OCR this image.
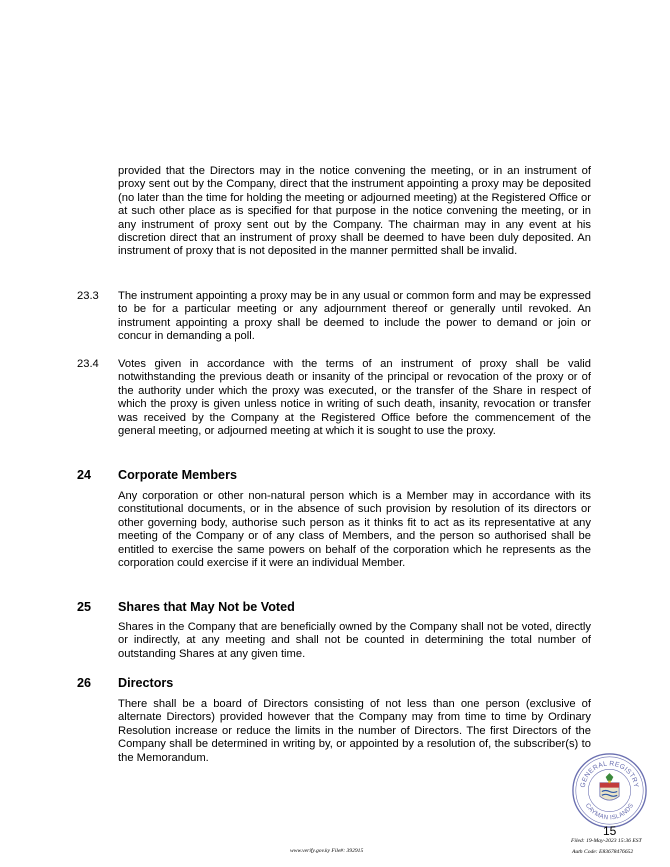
provided that the Directors may in the notice convening the meeting, or in an instrument of proxy sent out by the Company, direct that the instrument appointing a proxy may be deposited (no later than the time for holding the meeting or adjourned meeting) at the Registered Office or at such other place as is specified for that purpose in the notice convening the meeting, or in any instrument of proxy sent out by the Company. The chairman may in any event at his discretion direct that an instrument of proxy shall be deemed to have been duly deposited. An instrument of proxy that is not deposited in the manner permitted shall be invalid.

23.3 The instrument appointing a proxy may be in any usual or common form and may be expressed to be for a particular meeting or any adjournment thereof or generally until revoked. An instrument appointing a proxy shall be deemed to include the power to demand or join or concur in demanding a poll.

23.4 Votes given in accordance with the terms of an instrument of proxy shall be valid notwithstanding the previous death or insanity of the principal or revocation of the proxy or of the authority under which the proxy was executed, or the transfer of the Share in respect of which the proxy is given unless notice in writing of such death, insanity, revocation or transfer was received by the Company at the Registered Office before the commencement of the general meeting, or adjourned meeting at which it is sought to use the proxy.

24 Corporate Members

Any corporation or other non-natural person which is a Member may in accordance with its constitutional documents, or in the absence of such provision by resolution of its directors or other governing body, authorise such person as it thinks fit to act as its representative at any meeting of the Company or of any class of Members, and the person so authorised shall be entitled to exercise the same powers on behalf of the corporation which he represents as the corporation could exercise if it were an individual Member.

25 Shares that May Not be Voted

Shares in the Company that are beneficially owned by the Company shall not be voted, directly or indirectly, at any meeting and shall not be counted in determining the total number of outstanding Shares at any given time.

26 Directors

There shall be a board of Directors consisting of not less than one person (exclusive of alternate Directors) provided however that the Company may from time to time by Ordinary Resolution increase or reduce the limits in the number of Directors. The first Directors of the Company shall be determined in writing by, or appointed by a resolution of, the subscriber(s) to the Memorandum.

GENERAL REGISTRY
CAYMAN ISLANDS
15
www.verify.gov.ky File#: 392915
Filed: 19-May-2023 15:36 EST
Auth Code: E83678476652
